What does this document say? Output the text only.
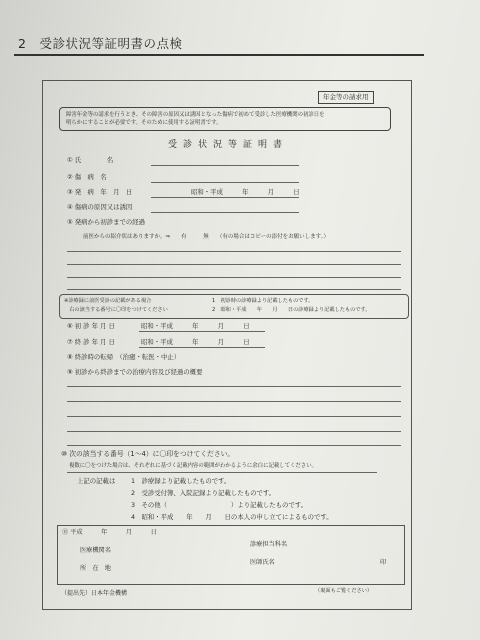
2　受診状況等証明書の点検
年金等の請求用
障害年金等の請求を行うとき、その障害の原因又は誘因となった傷病で初めて受診した医療機関の初診日を
明らかにすることが必要です。そのために使用する証明書です。
受診状況等証明書
① 氏　　　　名
② 傷　病　名
③ 発　病　年　月　日	昭和・平成　　　年　　　月　　　日
④ 傷病の原因又は誘因
⑤ 発病から初診までの経過
前医からの紹介状はありますか。⇒　　有　　　無　　（有の場合はコピーの添付をお願いします。）
※診療録に前医受診の記載がある場合
　右の該当する番号に〇印をつけてください
1　初診時の診療録より記載したものです。
2　昭和・平成　　年　　月　　日の診療録より記載したものです。
⑥ 初 診 年 月 日	昭和・平成　　　年　　　月　　　日
⑦ 終 診 年 月 日	昭和・平成　　　年　　　月　　　日
⑧ 終診時の転帰　（治癒・転医・中止）
⑨ 初診から終診までの治療内容及び経過の概要
⑩ 次の該当する番号（1〜4）に〇印をつけてください。
複数に〇をつけた場合は、それぞれに基づく記載内容の範囲がわかるように余白に記載してください。
上記の記載は 1　診療録より記載したものです。
2　受診受付簿、入院記録より記載したものです。
3　その他（　　　　　　　　　　）より記載したものです。
4　昭和・平成　　年　　月　　日の本人の申し立てによるものです。
⑪ 平成　　　年　　　月　　　日
医療機関名
所　在　地
診療担当科名
医師氏名	印
（提出先）日本年金機構	（裏面もご覧ください）
